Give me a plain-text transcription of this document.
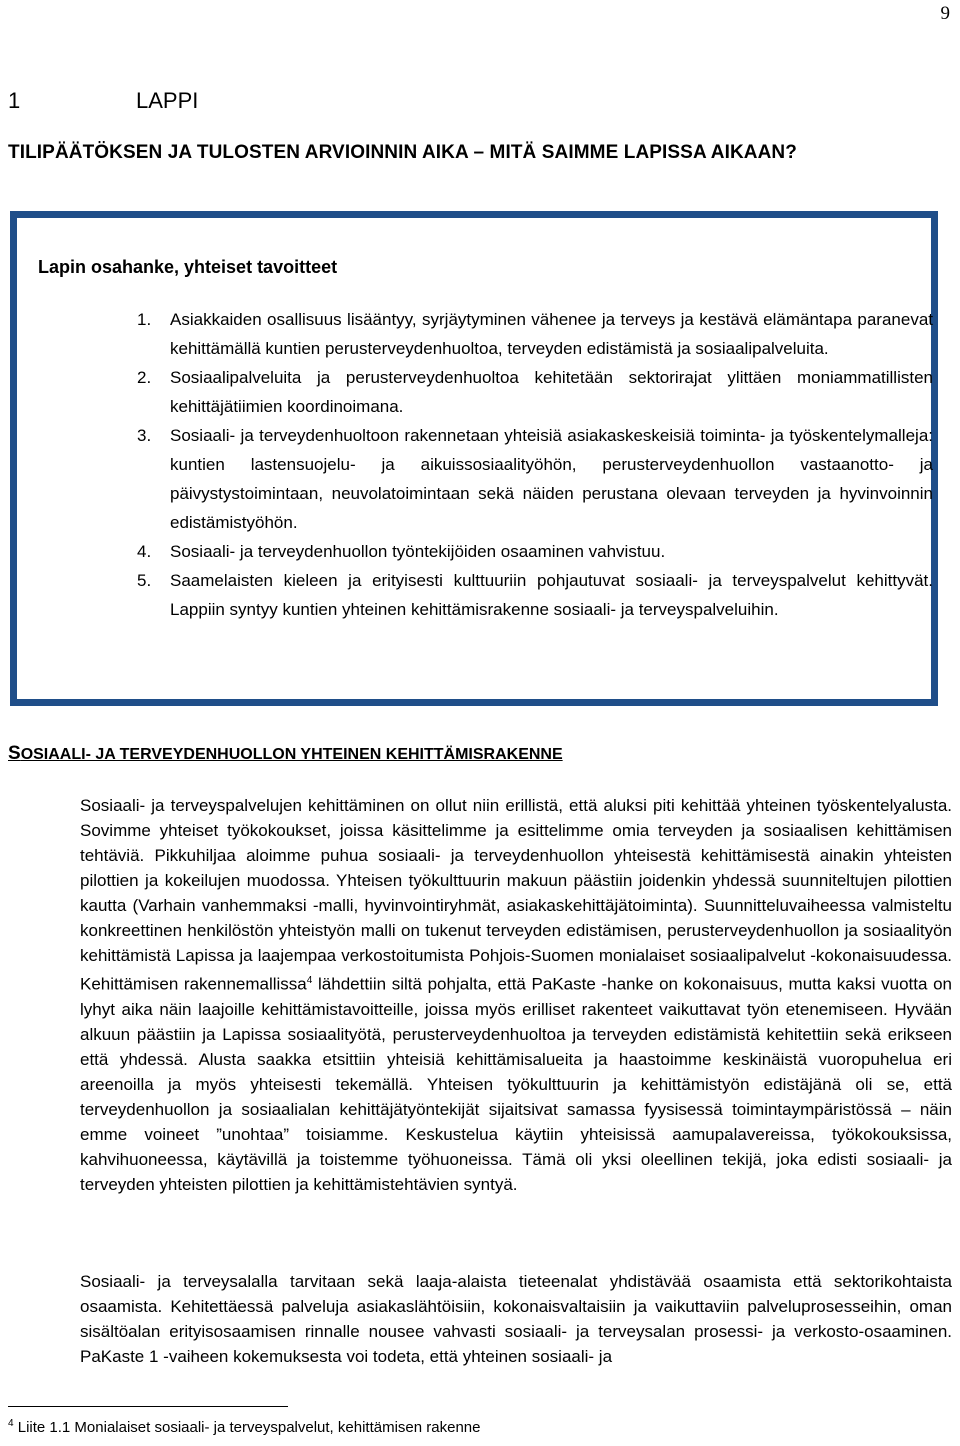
9
1	LAPPI
TILIPÄÄTÖKSEN JA TULOSTEN ARVIOINNIN AIKA – MITÄ SAIMME LAPISSA AIKAAN?
Lapin osahanke, yhteiset tavoitteet
1. Asiakkaiden osallisuus lisääntyy, syrjäytyminen vähenee ja terveys ja kestävä elämäntapa paranevat kehittämällä kuntien perusterveydenhuoltoa, terveyden edistämistä ja sosiaalipalveluita.
2. Sosiaalipalveluita ja perusterveydenhuoltoa kehitetään sektorirajat ylittäen moniammatillisten kehittäjätiimien koordinoimana.
3. Sosiaali- ja terveydenhuoltoon rakennetaan yhteisiä asiakaskeskeisiä toiminta- ja työskentelymalleja: kuntien lastensuojelu- ja aikuissosiaalityöhön, perusterveydenhuollon vastaanotto- ja päivystystoimintaan, neuvolatoimintaan sekä näiden perustana olevaan terveyden ja hyvinvoinnin edistämistyöhön.
4. Sosiaali- ja terveydenhuollon työntekijöiden osaaminen vahvistuu.
5. Saamelaisten kieleen ja erityisesti kulttuuriin pohjautuvat sosiaali- ja terveyspalvelut kehittyvät. Lappiin syntyy kuntien yhteinen kehittämisrakenne sosiaali- ja terveyspalveluihin.
SOSIAALI- JA TERVEYDENHUOLLON YHTEINEN KEHITTÄMISRAKENNE

Sosiaali- ja terveyspalvelujen kehittäminen on ollut niin erillistä, että aluksi piti kehittää yhteinen työskentelyalusta. Sovimme yhteiset työkokoukset, joissa käsittelimme ja esittelimme omia terveyden ja sosiaalisen kehittämisen tehtäviä. Pikkuhiljaa aloimme puhua sosiaali- ja terveydenhuollon yhteisestä kehittämisestä ainakin yhteisten pilottien ja kokeilujen muodossa. Yhteisen työkulttuurin makuun päästiin joidenkin yhdessä suunniteltujen pilottien kautta (Varhain vanhemmaksi -malli, hyvinvointiryhmät, asiakaskehittäjätoiminta). Suunnitteluvaiheessa valmisteltu konkreettinen henkilöstön yhteistyön malli on tukenut terveyden edistämisen, perusterveydenhuollon ja sosiaalityön kehittämistä Lapissa ja laajempaa verkostoitumista Pohjois-Suomen monialaiset sosiaalipalvelut -kokonaisuudessa. Kehittämisen rakennemallissa$^4$ lähdettiin siltä pohjalta, että PaKaste -hanke on kokonaisuus, mutta kaksi vuotta on lyhyt aika näin laajoille kehittämistavoitteille, joissa myös erilliset rakenteet vaikuttavat työn etenemiseen. Hyvään alkuun päästiin ja Lapissa sosiaalityötä, perusterveydenhuoltoa ja terveyden edistämistä kehitettiin sekä erikseen että yhdessä. Alusta saakka etsittiin yhteisiä kehittämisalueita ja haastoimme keskinäistä vuoropuhelua eri areenoilla ja myös yhteisesti tekemällä. Yhteisen työkulttuurin ja kehittämistyön edistäjänä oli se, että terveydenhuollon ja sosiaalialan kehittäjätyöntekijät sijaitsivat samassa fyysisessä toimintaympäristössä – näin emme voineet ”unohtaa” toisiamme. Keskustelua käytiin yhteisissä aamupalavereissa, työkokouksissa, kahvihuoneessa, käytävillä ja toistemme työhuoneissa. Tämä oli yksi oleellinen tekijä, joka edisti sosiaali- ja terveyden yhteisten pilottien ja kehittämistehtävien syntyä.

Sosiaali- ja terveysalalla tarvitaan sekä laaja-alaista tieteenalat yhdistävää osaamista että sektorikohtaista osaamista. Kehitettäessä palveluja asiakaslähtöisiin, kokonaisvaltaisiin ja vaikuttaviin palveluprosesseihin, oman sisältöalan erityisosaamisen rinnalle nousee vahvasti sosiaali- ja terveysalan prosessi- ja verkosto-osaaminen. PaKaste 1 -vaiheen kokemuksesta voi todeta, että yhteinen sosiaali- ja

$^4$ Liite 1.1 Monialaiset sosiaali- ja terveyspalvelut, kehittämisen rakenne
